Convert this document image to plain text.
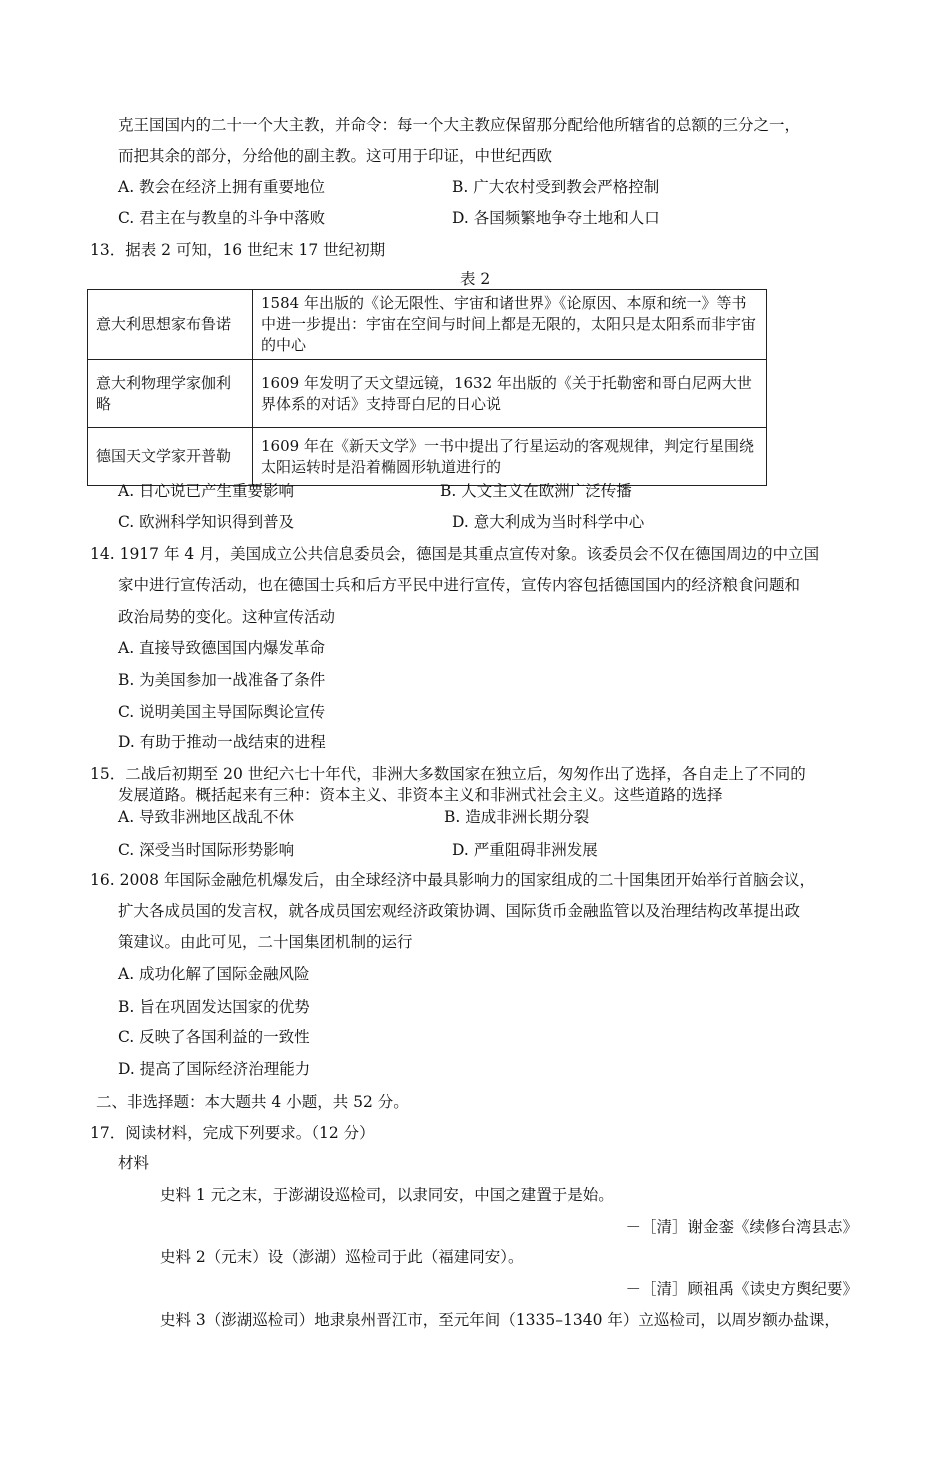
克王国国内的二十一个大主教，并命令：每一个大主教应保留那分配给他所辖省的总额的三分之一，
而把其余的部分，分给他的副主教。这可用于印证，中世纪西欧
A. 教会在经济上拥有重要地位	B. 广大农村受到教会严格控制
C. 君主在与教皇的斗争中落败	D. 各国频繁地争夺土地和人口
13．据表 2 可知，16 世纪末 17 世纪初期
表 2
意大利思想家布鲁诺	1584 年出版的《论无限性、宇宙和诸世界》《论原因、本原和统一》等书中进一步提出：宇宙在空间与时间上都是无限的，太阳只是太阳系而非宇宙的中心
意大利物理学家伽利略	1609 年发明了天文望远镜，1632 年出版的《关于托勒密和哥白尼两大世界体系的对话》支持哥白尼的日心说
德国天文学家开普勒	1609 年在《新天文学》一书中提出了行星运动的客观规律，判定行星围绕太阳运转时是沿着椭圆形轨道进行的
A. 日心说已产生重要影响	B. 人文主义在欧洲广泛传播
C. 欧洲科学知识得到普及	D. 意大利成为当时科学中心
14. 1917 年 4 月，美国成立公共信息委员会，德国是其重点宣传对象。该委员会不仅在德国周边的中立国
家中进行宣传活动，也在德国士兵和后方平民中进行宣传，宣传内容包括德国国内的经济粮食问题和
政治局势的变化。这种宣传活动
A. 直接导致德国国内爆发革命
B. 为美国参加一战准备了条件
C. 说明美国主导国际舆论宣传
D. 有助于推动一战结束的进程
15．二战后初期至 20 世纪六七十年代，非洲大多数国家在独立后，匆匆作出了选择，各自走上了不同的
发展道路。概括起来有三种：资本主义、非资本主义和非洲式社会主义。这些道路的选择
A. 导致非洲地区战乱不休	B. 造成非洲长期分裂
C. 深受当时国际形势影响	D. 严重阻碍非洲发展
16. 2008 年国际金融危机爆发后，由全球经济中最具影响力的国家组成的二十国集团开始举行首脑会议，
扩大各成员国的发言权，就各成员国宏观经济政策协调、国际货币金融监管以及治理结构改革提出政
策建议。由此可见，二十国集团机制的运行
A. 成功化解了国际金融风险
B. 旨在巩固发达国家的优势
C. 反映了各国利益的一致性
D. 提高了国际经济治理能力
二、非选择题：本大题共 4 小题，共 52 分。
17．阅读材料，完成下列要求。（12 分）
材料
史料 1 元之末，于澎湖设巡检司，以隶同安，中国之建置于是始。
－［清］谢金銮《续修台湾县志》
史料 2（元末）设（澎湖）巡检司于此（福建同安）。
－［清］顾祖禹《读史方舆纪要》
史料 3（澎湖巡检司）地隶泉州晋江市，至元年间（1335–1340 年）立巡检司，以周岁额办盐课，
